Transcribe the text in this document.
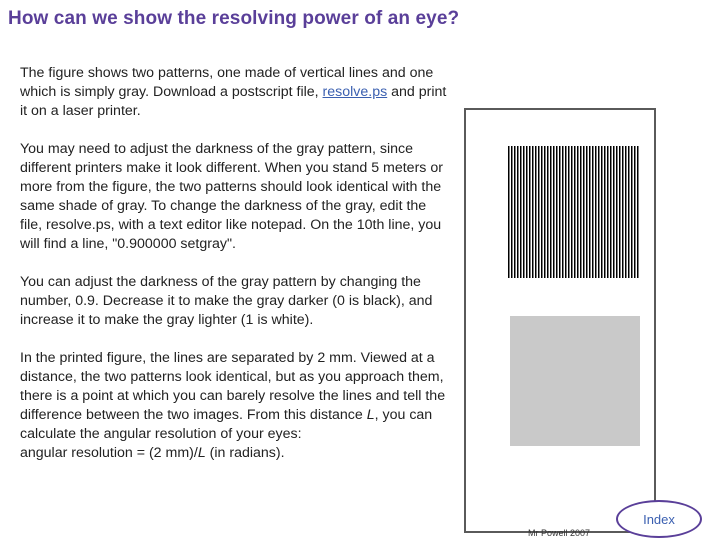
How can we show the resolving power of an eye?

The figure shows two patterns, one made of vertical lines and one which is simply gray. Download a postscript file, resolve.ps and print it on a laser printer.

You may need to adjust the darkness of the gray pattern, since different printers make it look different. When you stand 5 meters or more from the figure, the two patterns should look identical with the same shade of gray. To change the darkness of the gray, edit the file, resolve.ps, with a text editor like notepad. On the 10th line, you will find a line, "0.900000 setgray".

You can adjust the darkness of the gray pattern by changing the number, 0.9. Decrease it to make the gray darker (0 is black), and increase it to make the gray lighter (1 is white).

In the printed figure, the lines are separated by 2 mm. Viewed at a distance, the two patterns look identical, but as you approach them, there is a point at which you can barely resolve the lines and tell the difference between the two images. From this distance L, you can calculate the angular resolution of your eyes:
angular resolution = (2 mm)/L (in radians).

Mr Powell 2007
Index
